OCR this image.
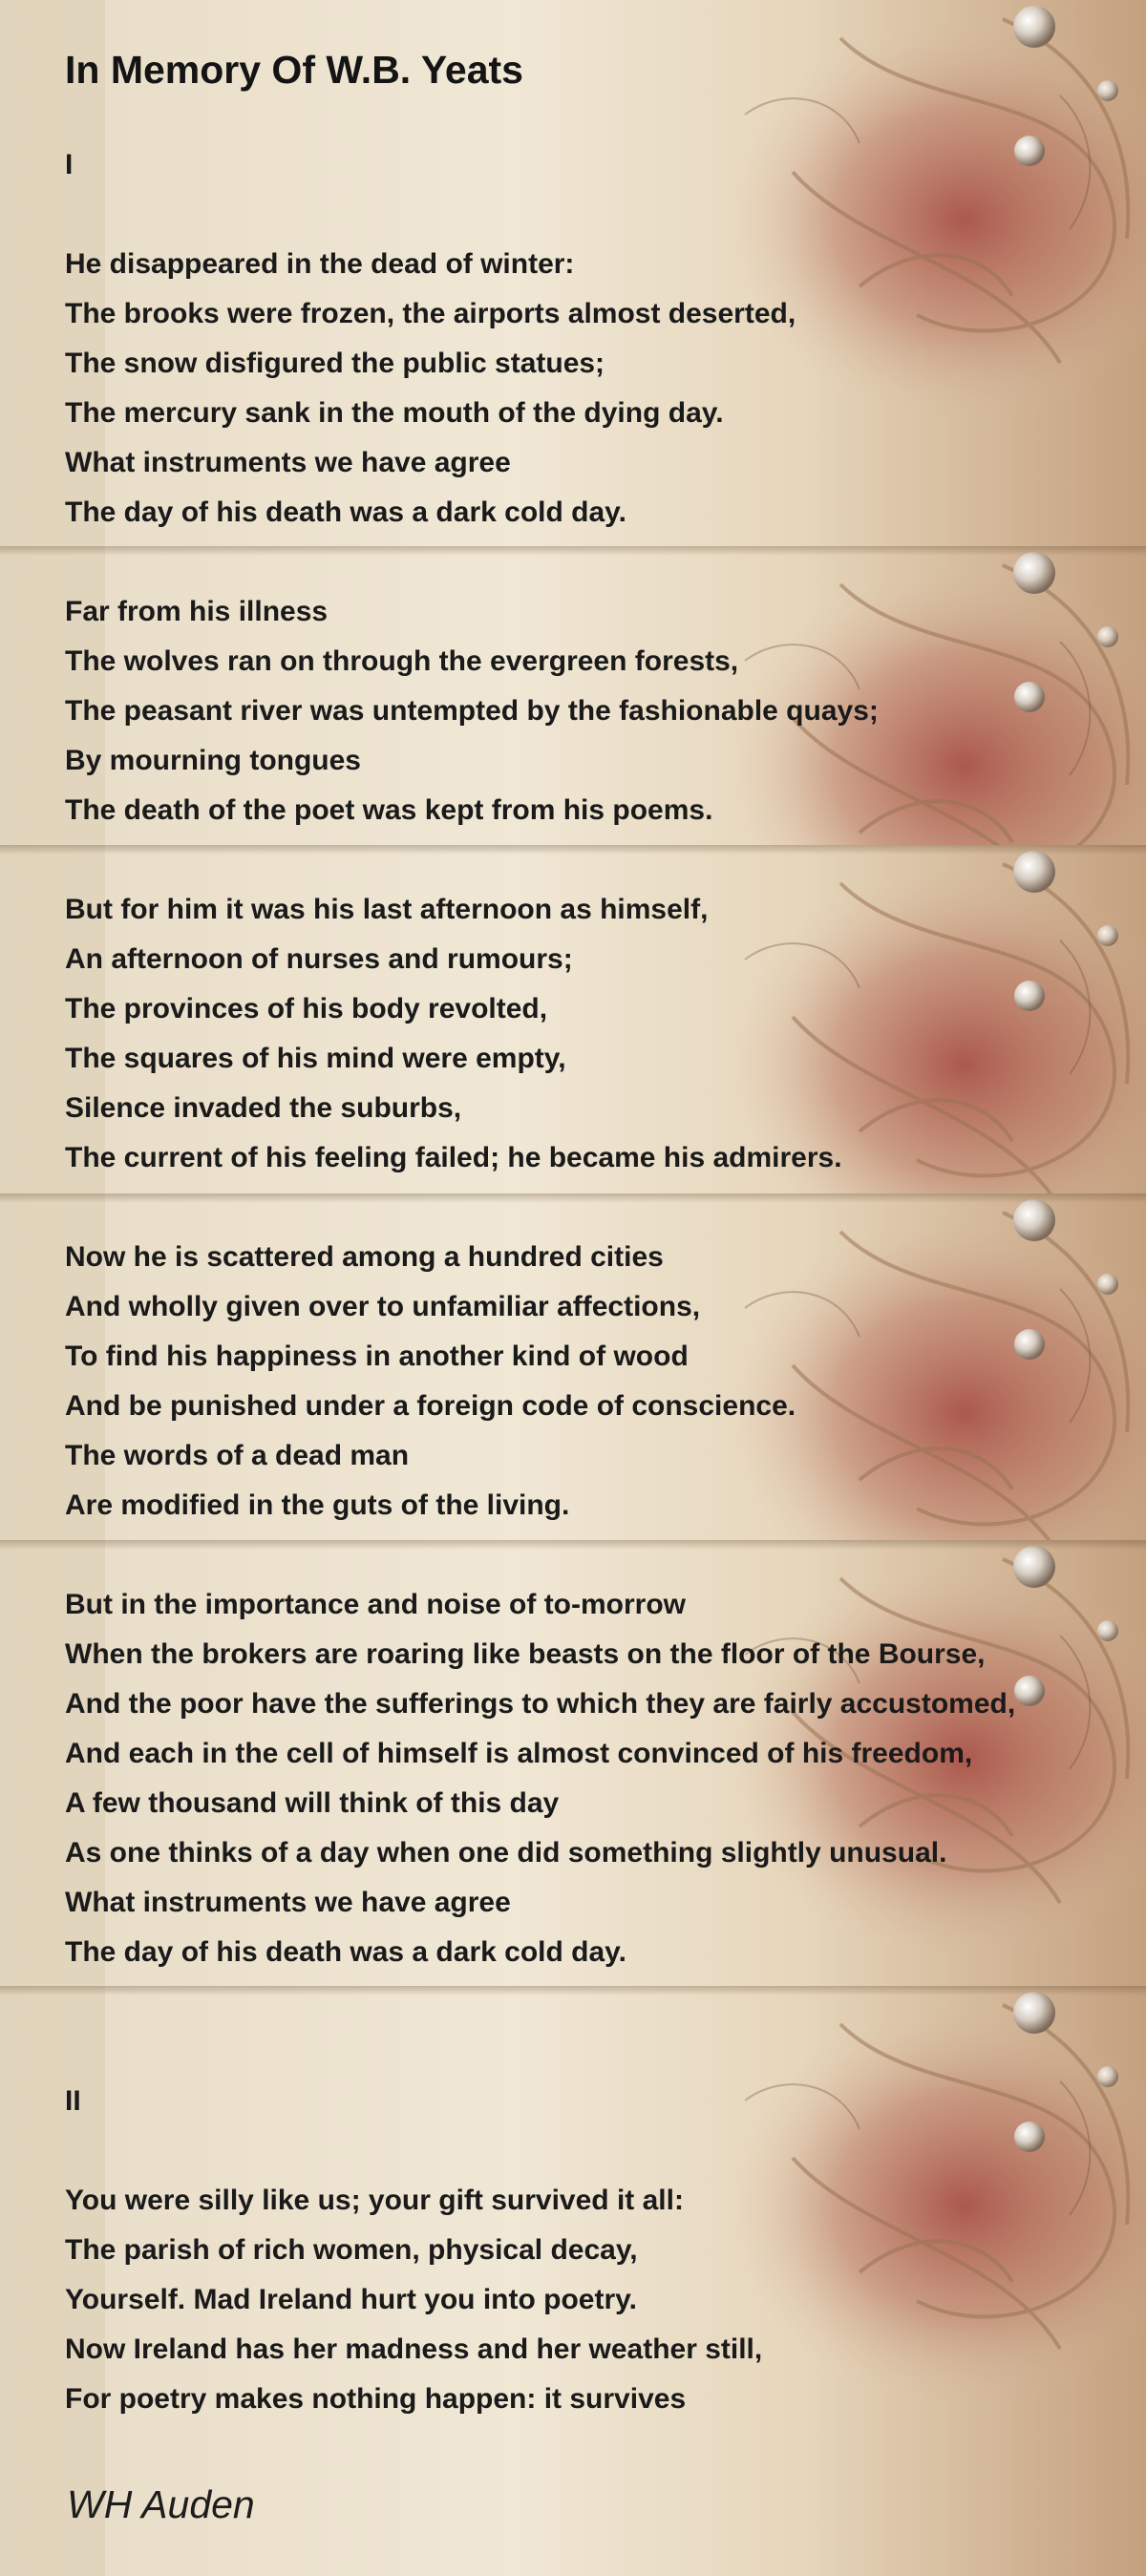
In Memory Of W.B. Yeats
I
He disappeared in the dead of winter:
The brooks were frozen, the airports almost deserted,
The snow disfigured the public statues;
The mercury sank in the mouth of the dying day.
What instruments we have agree
The day of his death was a dark cold day.
Far from his illness
The wolves ran on through the evergreen forests,
The peasant river was untempted by the fashionable quays;
By mourning tongues
The death of the poet was kept from his poems.
But for him it was his last afternoon as himself,
An afternoon of nurses and rumours;
The provinces of his body revolted,
The squares of his mind were empty,
Silence invaded the suburbs,
The current of his feeling failed; he became his admirers.
Now he is scattered among a hundred cities
And wholly given over to unfamiliar affections,
To find his happiness in another kind of wood
And be punished under a foreign code of conscience.
The words of a dead man
Are modified in the guts of the living.
But in the importance and noise of to-morrow
When the brokers are roaring like beasts on the floor of the Bourse,
And the poor have the sufferings to which they are fairly accustomed,
And each in the cell of himself is almost convinced of his freedom,
A few thousand will think of this day
As one thinks of a day when one did something slightly unusual.
What instruments we have agree
The day of his death was a dark cold day.
II
You were silly like us; your gift survived it all:
The parish of rich women, physical decay,
Yourself. Mad Ireland hurt you into poetry.
Now Ireland has her madness and her weather still,
For poetry makes nothing happen: it survives
WH Auden
